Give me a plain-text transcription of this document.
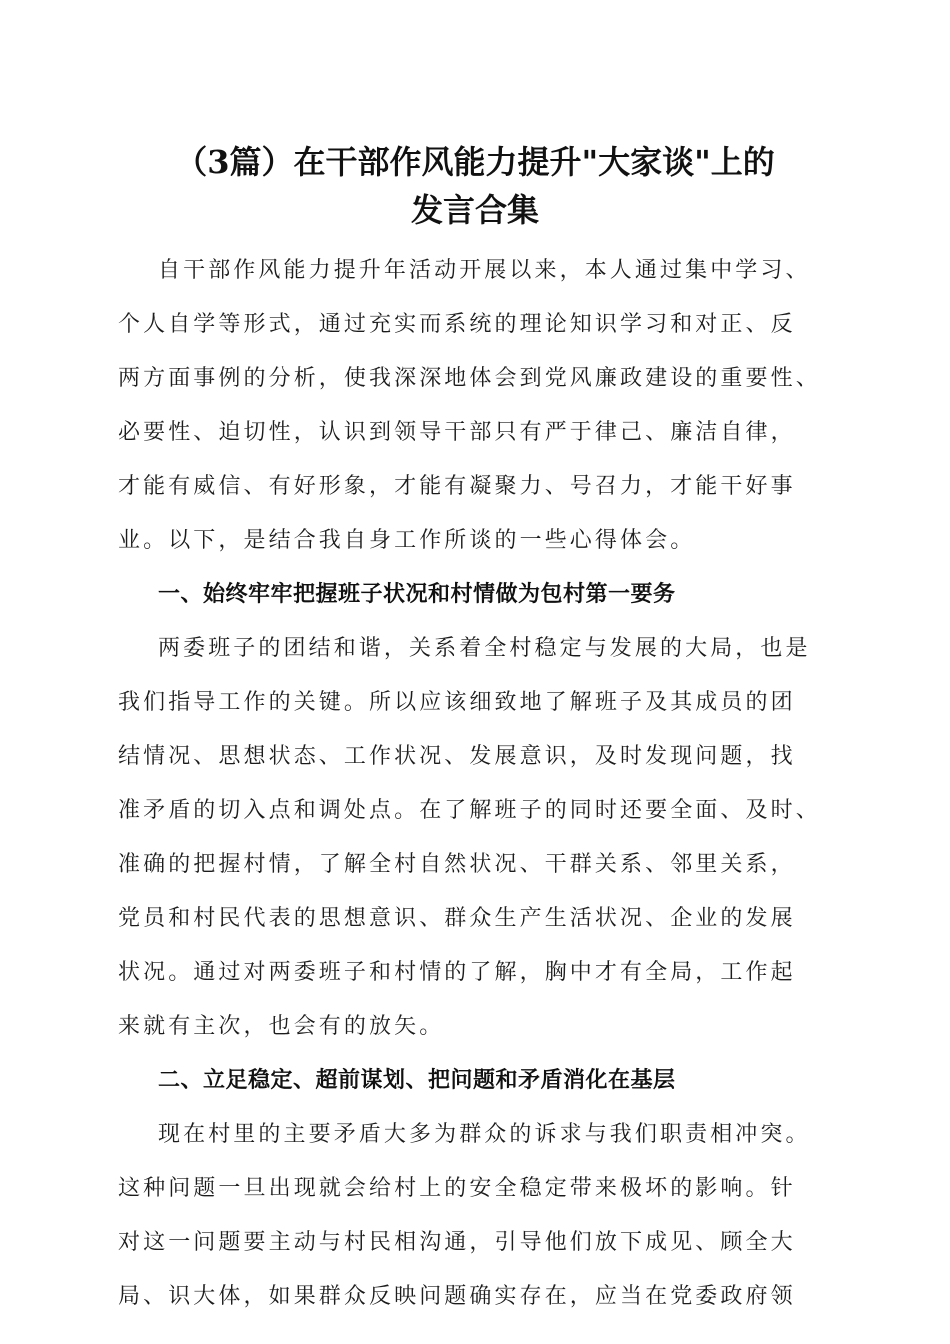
（3篇）在干部作风能力提升"大家谈"上的
发言合集
自干部作风能力提升年活动开展以来，本人通过集中学习、
个人自学等形式，通过充实而系统的理论知识学习和对正、反
两方面事例的分析，使我深深地体会到党风廉政建设的重要性、
必要性、迫切性，认识到领导干部只有严于律己、廉洁自律，
才能有威信、有好形象，才能有凝聚力、号召力，才能干好事
业。以下，是结合我自身工作所谈的一些心得体会。
一、始终牢牢把握班子状况和村情做为包村第一要务
两委班子的团结和谐，关系着全村稳定与发展的大局，也是
我们指导工作的关键。所以应该细致地了解班子及其成员的团
结情况、思想状态、工作状况、发展意识，及时发现问题，找
准矛盾的切入点和调处点。在了解班子的同时还要全面、及时、
准确的把握村情，了解全村自然状况、干群关系、邻里关系，
党员和村民代表的思想意识、群众生产生活状况、企业的发展
状况。通过对两委班子和村情的了解，胸中才有全局，工作起
来就有主次，也会有的放矢。
二、立足稳定、超前谋划、把问题和矛盾消化在基层
现在村里的主要矛盾大多为群众的诉求与我们职责相冲突。
这种问题一旦出现就会给村上的安全稳定带来极坏的影响。针
对这一问题要主动与村民相沟通，引导他们放下成见、顾全大
局、识大体，如果群众反映问题确实存在，应当在党委政府领
